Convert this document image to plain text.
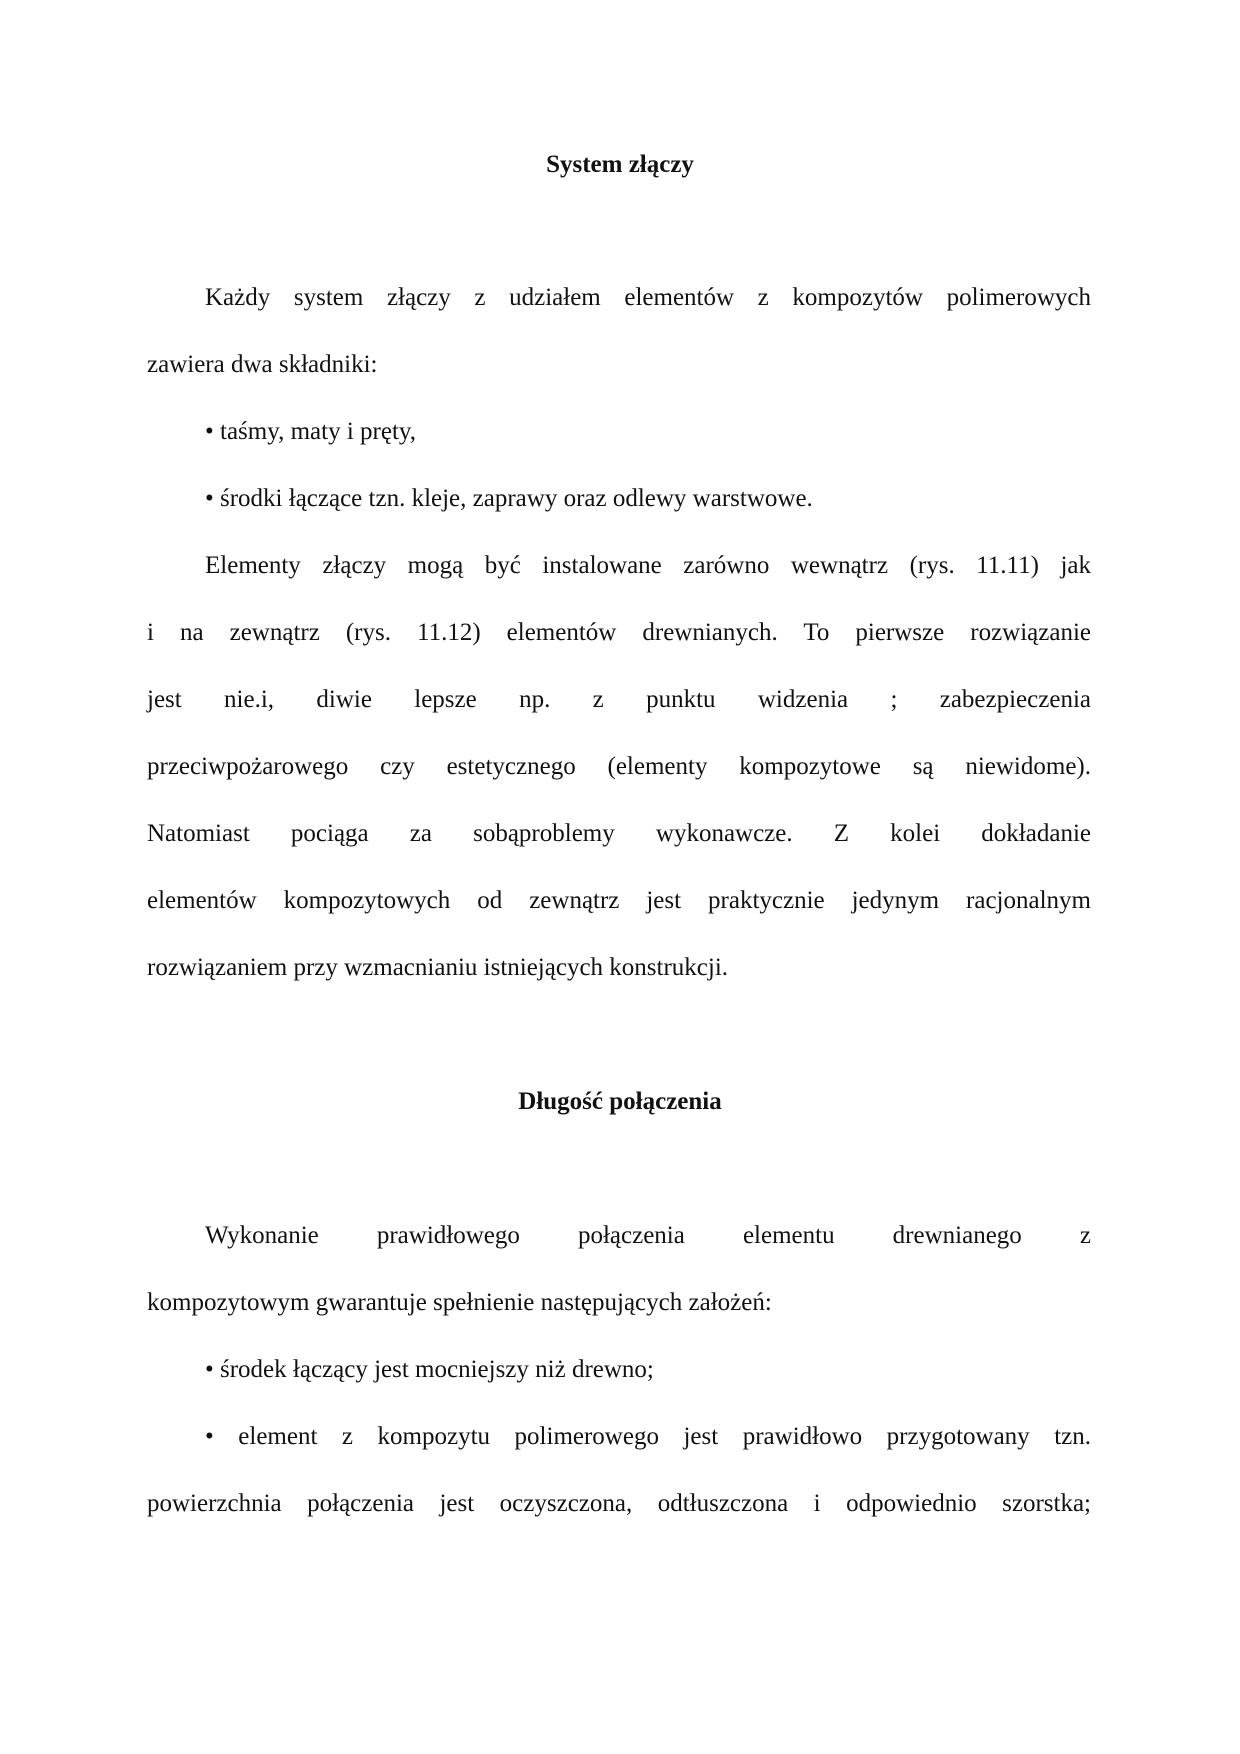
System złączy
Każdy system złączy z udziałem elementów z kompozytów polimerowych
zawiera dwa składniki:
• taśmy, maty i pręty,
• środki łączące tzn. kleje, zaprawy oraz odlewy warstwowe.
Elementy złączy mogą być instalowane zarówno wewnątrz (rys. 11.11) jak
i na zewnątrz (rys. 11.12) elementów drewnianych. To pierwsze rozwiązanie
jest nie.i, diwie lepsze np. z punktu widzenia ; zabezpieczenia
przeciwpożarowego czy estetycznego (elementy kompozytowe są niewidome).
Natomiast pociąga za sobąproblemy wykonawcze. Z kolei dokładanie
elementów kompozytowych od zewnątrz jest praktycznie jedynym racjonalnym
rozwiązaniem przy wzmacnianiu istniejących konstrukcji.
Długość połączenia
Wykonanie prawidłowego połączenia elementu drewnianego z
kompozytowym gwarantuje spełnienie następujących założeń:
• środek łączący jest mocniejszy niż drewno;
• element z kompozytu polimerowego jest prawidłowo przygotowany tzn.
powierzchnia połączenia jest oczyszczona, odtłuszczona i odpowiednio szorstka;
